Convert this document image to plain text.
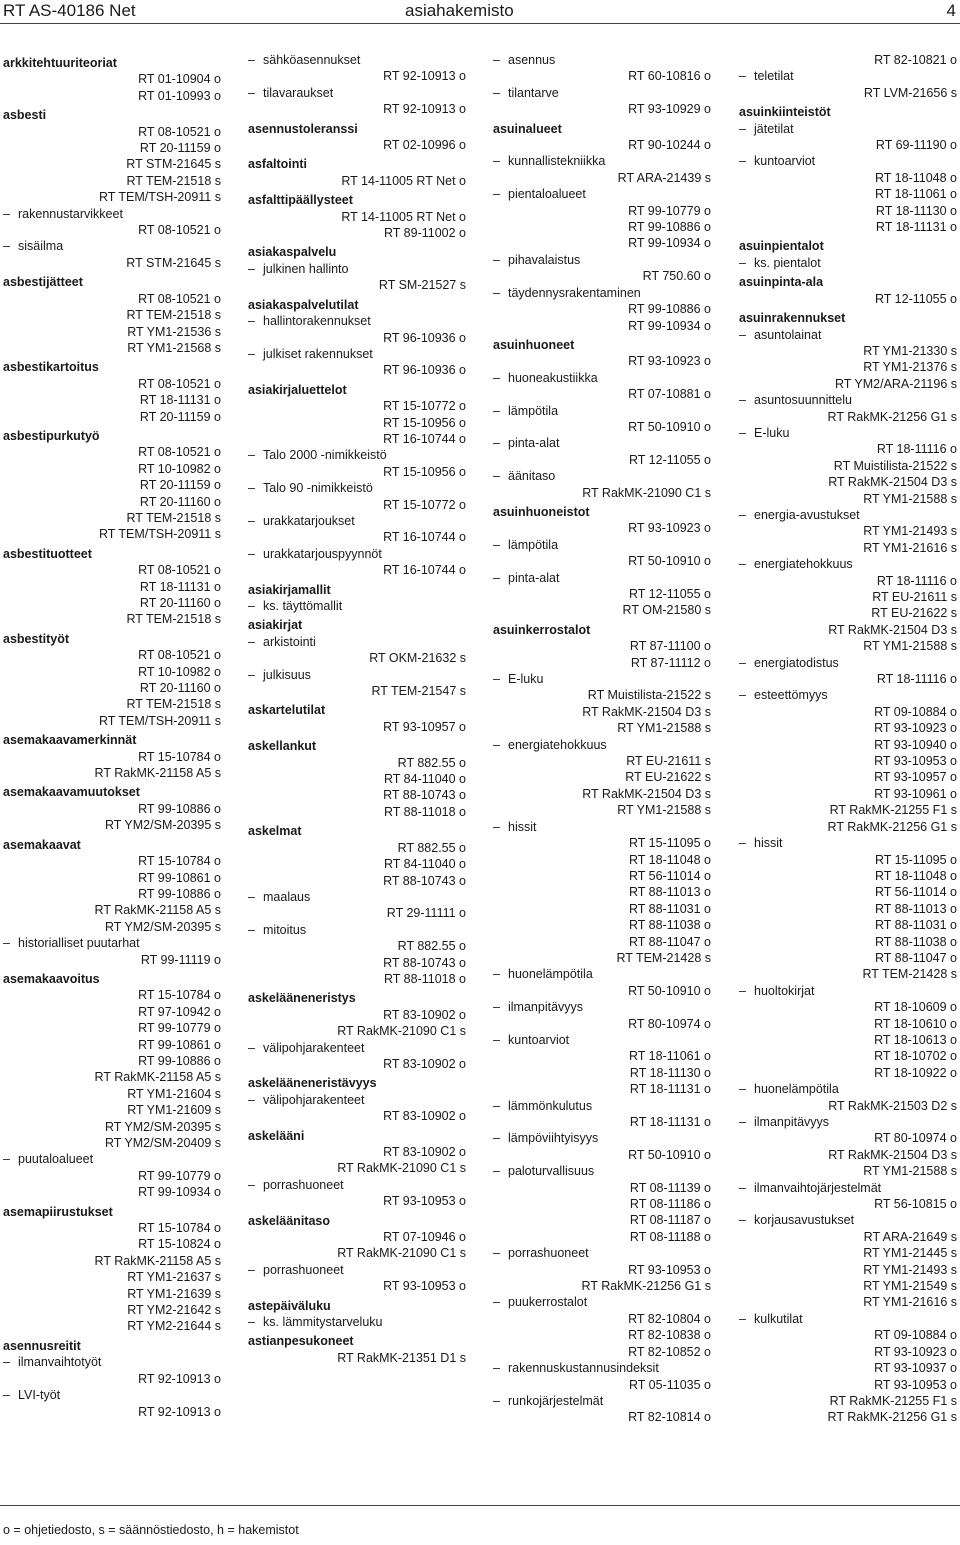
RT AS-40186 Net	asiahakemisto	4
arkkitehtuuriteoriat
RT 01-10904 o
RT 01-10993 o
asbesti
RT 08-10521 o
RT 20-11159 o
RT STM-21645 s
RT TEM-21518 s
RT TEM/TSH-20911 s
– rakennustarvikkeet
RT 08-10521 o
– sisäilma
RT STM-21645 s
asbestijätteet
RT 08-10521 o
RT TEM-21518 s
RT YM1-21536 s
RT YM1-21568 s
asbestikartoitus
RT 08-10521 o
RT 18-11131 o
RT 20-11159 o
asbestipurkutyö
RT 08-10521 o
RT 10-10982 o
RT 20-11159 o
RT 20-11160 o
RT TEM-21518 s
RT TEM/TSH-20911 s
asbestituotteet
RT 08-10521 o
RT 18-11131 o
RT 20-11160 o
RT TEM-21518 s
asbestityöt
RT 08-10521 o
RT 10-10982 o
RT 20-11160 o
RT TEM-21518 s
RT TEM/TSH-20911 s
asemakaavamerkinnät
RT 15-10784 o
RT RakMK-21158 A5 s
asemakaavamuutokset
RT 99-10886 o
RT YM2/SM-20395 s
asemakaavat
RT 15-10784 o
RT 99-10861 o
RT 99-10886 o
RT RakMK-21158 A5 s
RT YM2/SM-20395 s
– historialliset puutarhat
RT 99-11119 o
asemakaavoitus
RT 15-10784 o
RT 97-10942 o
RT 99-10779 o
RT 99-10861 o
RT 99-10886 o
RT RakMK-21158 A5 s
RT YM1-21604 s
RT YM1-21609 s
RT YM2/SM-20395 s
RT YM2/SM-20409 s
– puutaloalueet
RT 99-10779 o
RT 99-10934 o
asemapiirustukset
RT 15-10784 o
RT 15-10824 o
RT RakMK-21158 A5 s
RT YM1-21637 s
RT YM1-21639 s
RT YM2-21642 s
RT YM2-21644 s
asennusreitit
– ilmanvaihtotyöt
RT 92-10913 o
– LVI-työt
RT 92-10913 o
– sähköasennukset
RT 92-10913 o
– tilavaraukset
RT 92-10913 o
asennustoleranssi
RT 02-10996 o
asfaltointi
RT 14-11005 RT Net o
asfalttipäällysteet
RT 14-11005 RT Net o
RT 89-11002 o
asiakaspalvelu
– julkinen hallinto
RT SM-21527 s
asiakaspalvelutilat
– hallintorakennukset
RT 96-10936 o
– julkiset rakennukset
RT 96-10936 o
asiakirjaluettelot
RT 15-10772 o
RT 15-10956 o
RT 16-10744 o
– Talo 2000 -nimikkeistö
RT 15-10956 o
– Talo 90 -nimikkeistö
RT 15-10772 o
– urakkatarjoukset
RT 16-10744 o
– urakkatarjouspyynnöt
RT 16-10744 o
asiakirjamallit
– ks. täyttömallit
asiakirjat
– arkistointi
RT OKM-21632 s
– julkisuus
RT TEM-21547 s
askartelutilat
RT 93-10957 o
askellankut
RT 882.55 o
RT 84-11040 o
RT 88-10743 o
RT 88-11018 o
askelmat
RT 882.55 o
RT 84-11040 o
RT 88-10743 o
– maalaus
RT 29-11111 o
– mitoitus
RT 882.55 o
RT 88-10743 o
RT 88-11018 o
askelääneneristys
RT 83-10902 o
RT RakMK-21090 C1 s
– välipohjarakenteet
RT 83-10902 o
askelääneneristävyys
– välipohjarakenteet
RT 83-10902 o
askelääni
RT 83-10902 o
RT RakMK-21090 C1 s
– porrashuoneet
RT 93-10953 o
askeläänitaso
RT 07-10946 o
RT RakMK-21090 C1 s
– porrashuoneet
RT 93-10953 o
astepäiväluku
– ks. lämmitystarveluku
astianpesukoneet
RT RakMK-21351 D1 s
– asennus
RT 60-10816 o
– tilantarve
RT 93-10929 o
asuinalueet
RT 90-10244 o
– kunnallistekniikka
RT ARA-21439 s
– pientaloalueet
RT 99-10779 o
RT 99-10886 o
RT 99-10934 o
– pihavalaistus
RT 750.60 o
– täydennysrakentaminen
RT 99-10886 o
RT 99-10934 o
asuinhuoneet
RT 93-10923 o
– huoneakustiikka
RT 07-10881 o
– lämpötila
RT 50-10910 o
– pinta-alat
RT 12-11055 o
– äänitaso
RT RakMK-21090 C1 s
asuinhuoneistot
RT 93-10923 o
– lämpötila
RT 50-10910 o
– pinta-alat
RT 12-11055 o
RT OM-21580 s
asuinkerrostalot
RT 87-11100 o
RT 87-11112 o
– E-luku
RT Muistilista-21522 s
RT RakMK-21504 D3 s
RT YM1-21588 s
– energiatehokkuus
RT EU-21611 s
RT EU-21622 s
RT RakMK-21504 D3 s
RT YM1-21588 s
– hissit
RT 15-11095 o
RT 18-11048 o
RT 56-11014 o
RT 88-11013 o
RT 88-11031 o
RT 88-11038 o
RT 88-11047 o
RT TEM-21428 s
– huonelämpötila
RT 50-10910 o
– ilmanpitävyys
RT 80-10974 o
– kuntoarviot
RT 18-11061 o
RT 18-11130 o
RT 18-11131 o
– lämmönkulutus
RT 18-11131 o
– lämpöviihtyisyys
RT 50-10910 o
– paloturvallisuus
RT 08-11139 o
RT 08-11186 o
RT 08-11187 o
RT 08-11188 o
– porrashuoneet
RT 93-10953 o
RT RakMK-21256 G1 s
– puukerrostalot
RT 82-10804 o
RT 82-10838 o
RT 82-10852 o
– rakennuskustannusindeksit
RT 05-11035 o
– runkojärjestelmät
RT 82-10814 o
RT 82-10821 o
– teletilat
RT LVM-21656 s
asuinkiinteistöt
– jätetilat
RT 69-11190 o
– kuntoarviot
RT 18-11048 o
RT 18-11061 o
RT 18-11130 o
RT 18-11131 o
asuinpientalot
– ks. pientalot
asuinpinta-ala
RT 12-11055 o
asuinrakennukset
– asuntolainat
RT YM1-21330 s
RT YM1-21376 s
RT YM2/ARA-21196 s
– asuntosuunnittelu
RT RakMK-21256 G1 s
– E-luku
RT 18-11116 o
RT Muistilista-21522 s
RT RakMK-21504 D3 s
RT YM1-21588 s
– energia-avustukset
RT YM1-21493 s
RT YM1-21616 s
– energiatehokkuus
RT 18-11116 o
RT EU-21611 s
RT EU-21622 s
RT RakMK-21504 D3 s
RT YM1-21588 s
– energiatodistus
RT 18-11116 o
– esteettömyys
RT 09-10884 o
RT 93-10923 o
RT 93-10940 o
RT 93-10953 o
RT 93-10957 o
RT 93-10961 o
RT RakMK-21255 F1 s
RT RakMK-21256 G1 s
– hissit
RT 15-11095 o
RT 18-11048 o
RT 56-11014 o
RT 88-11013 o
RT 88-11031 o
RT 88-11038 o
RT 88-11047 o
RT TEM-21428 s
– huoltokirjat
RT 18-10609 o
RT 18-10610 o
RT 18-10613 o
RT 18-10702 o
RT 18-10922 o
– huonelämpötila
RT RakMK-21503 D2 s
– ilmanpitävyys
RT 80-10974 o
RT RakMK-21504 D3 s
RT YM1-21588 s
– ilmanvaihtojärjestelmät
RT 56-10815 o
– korjausavustukset
RT ARA-21649 s
RT YM1-21445 s
RT YM1-21493 s
RT YM1-21549 s
RT YM1-21616 s
– kulkutilat
RT 09-10884 o
RT 93-10923 o
RT 93-10937 o
RT 93-10953 o
RT RakMK-21255 F1 s
RT RakMK-21256 G1 s
o = ohjetiedosto, s = säännöstiedosto, h = hakemistot
